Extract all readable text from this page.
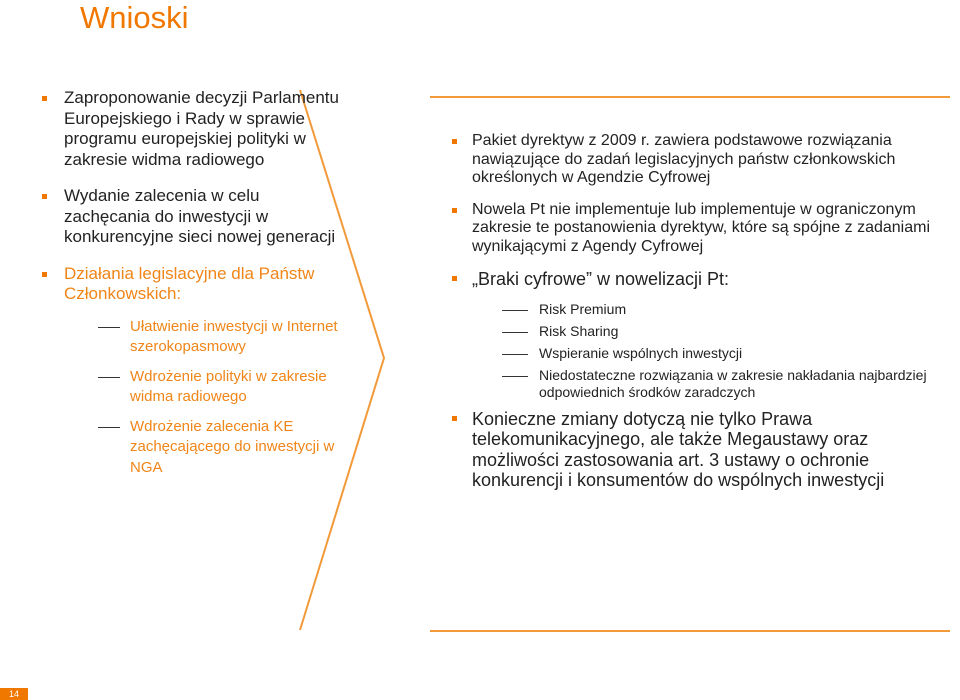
Wnioski
Zaproponowanie decyzji Parlamentu Europejskiego i Rady w sprawie programu europejskiej polityki w zakresie widma radiowego
Wydanie zalecenia w celu zachęcania do inwestycji w konkurencyjne sieci nowej generacji
Działania legislacyjne dla Państw Członkowskich:
Ułatwienie inwestycji w Internet szerokopasmowy
Wdrożenie polityki w zakresie widma radiowego
Wdrożenie zalecenia KE zachęcającego do inwestycji w NGA
Pakiet dyrektyw z 2009 r. zawiera podstawowe rozwiązania nawiązujące do zadań legislacyjnych państw członkowskich określonych w Agendzie Cyfrowej
Nowela Pt nie implementuje lub implementuje w ograniczonym zakresie te postanowienia dyrektyw, które są spójne z zadaniami wynikającymi z Agendy Cyfrowej
„Braki cyfrowe” w nowelizacji Pt:
Risk Premium
Risk Sharing
Wspieranie wspólnych inwestycji
Niedostateczne rozwiązania w zakresie nakładania najbardziej odpowiednich środków zaradczych
Konieczne zmiany dotyczą nie tylko Prawa telekomunikacyjnego, ale także Megaustawy oraz możliwości zastosowania art. 3 ustawy o ochronie konkurencji i konsumentów do wspólnych inwestycji
14
